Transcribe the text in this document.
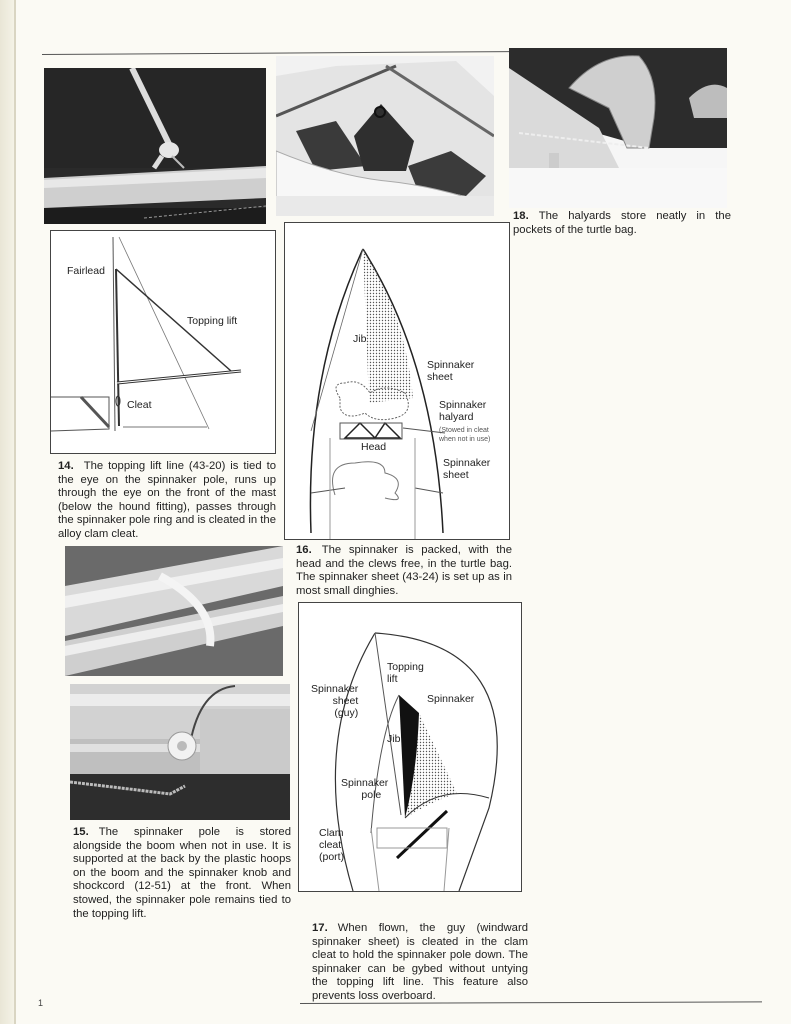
Fairlead
Topping lift
Cleat
14. The topping lift line (43-20) is tied to the eye on the spinnaker pole, runs up through the eye on the front of the mast (below the hound fitting), passes through the spinnaker pole ring and is cleated in the alloy clam cleat.
Jib
Spinnaker
sheet
Spinnaker
halyard
(Stowed in cleat
when not in use)
Head
Spinnaker
sheet
16. The spinnaker is packed, with the head and the clews free, in the turtle bag. The spinnaker sheet (43-24) is set up as in most small dinghies.
18. The halyards store neatly in the pockets of the turtle bag.
15. The spinnaker pole is stored alongside the boom when not in use. It is supported at the back by the plastic hoops on the boom and the spinnaker knob and shockcord (12-51) at the front. When stowed, the spinnaker pole remains tied to the topping lift.
Topping
lift
Spinnaker
sheet
(guy)
Spinnaker
Jib
Spinnaker
pole
Clam
cleat
(port)
17. When flown, the guy (windward spinnaker sheet) is cleated in the clam cleat to hold the spinnaker pole down. The spinnaker can be gybed without untying the topping lift line. This feature also prevents loss overboard.
1
